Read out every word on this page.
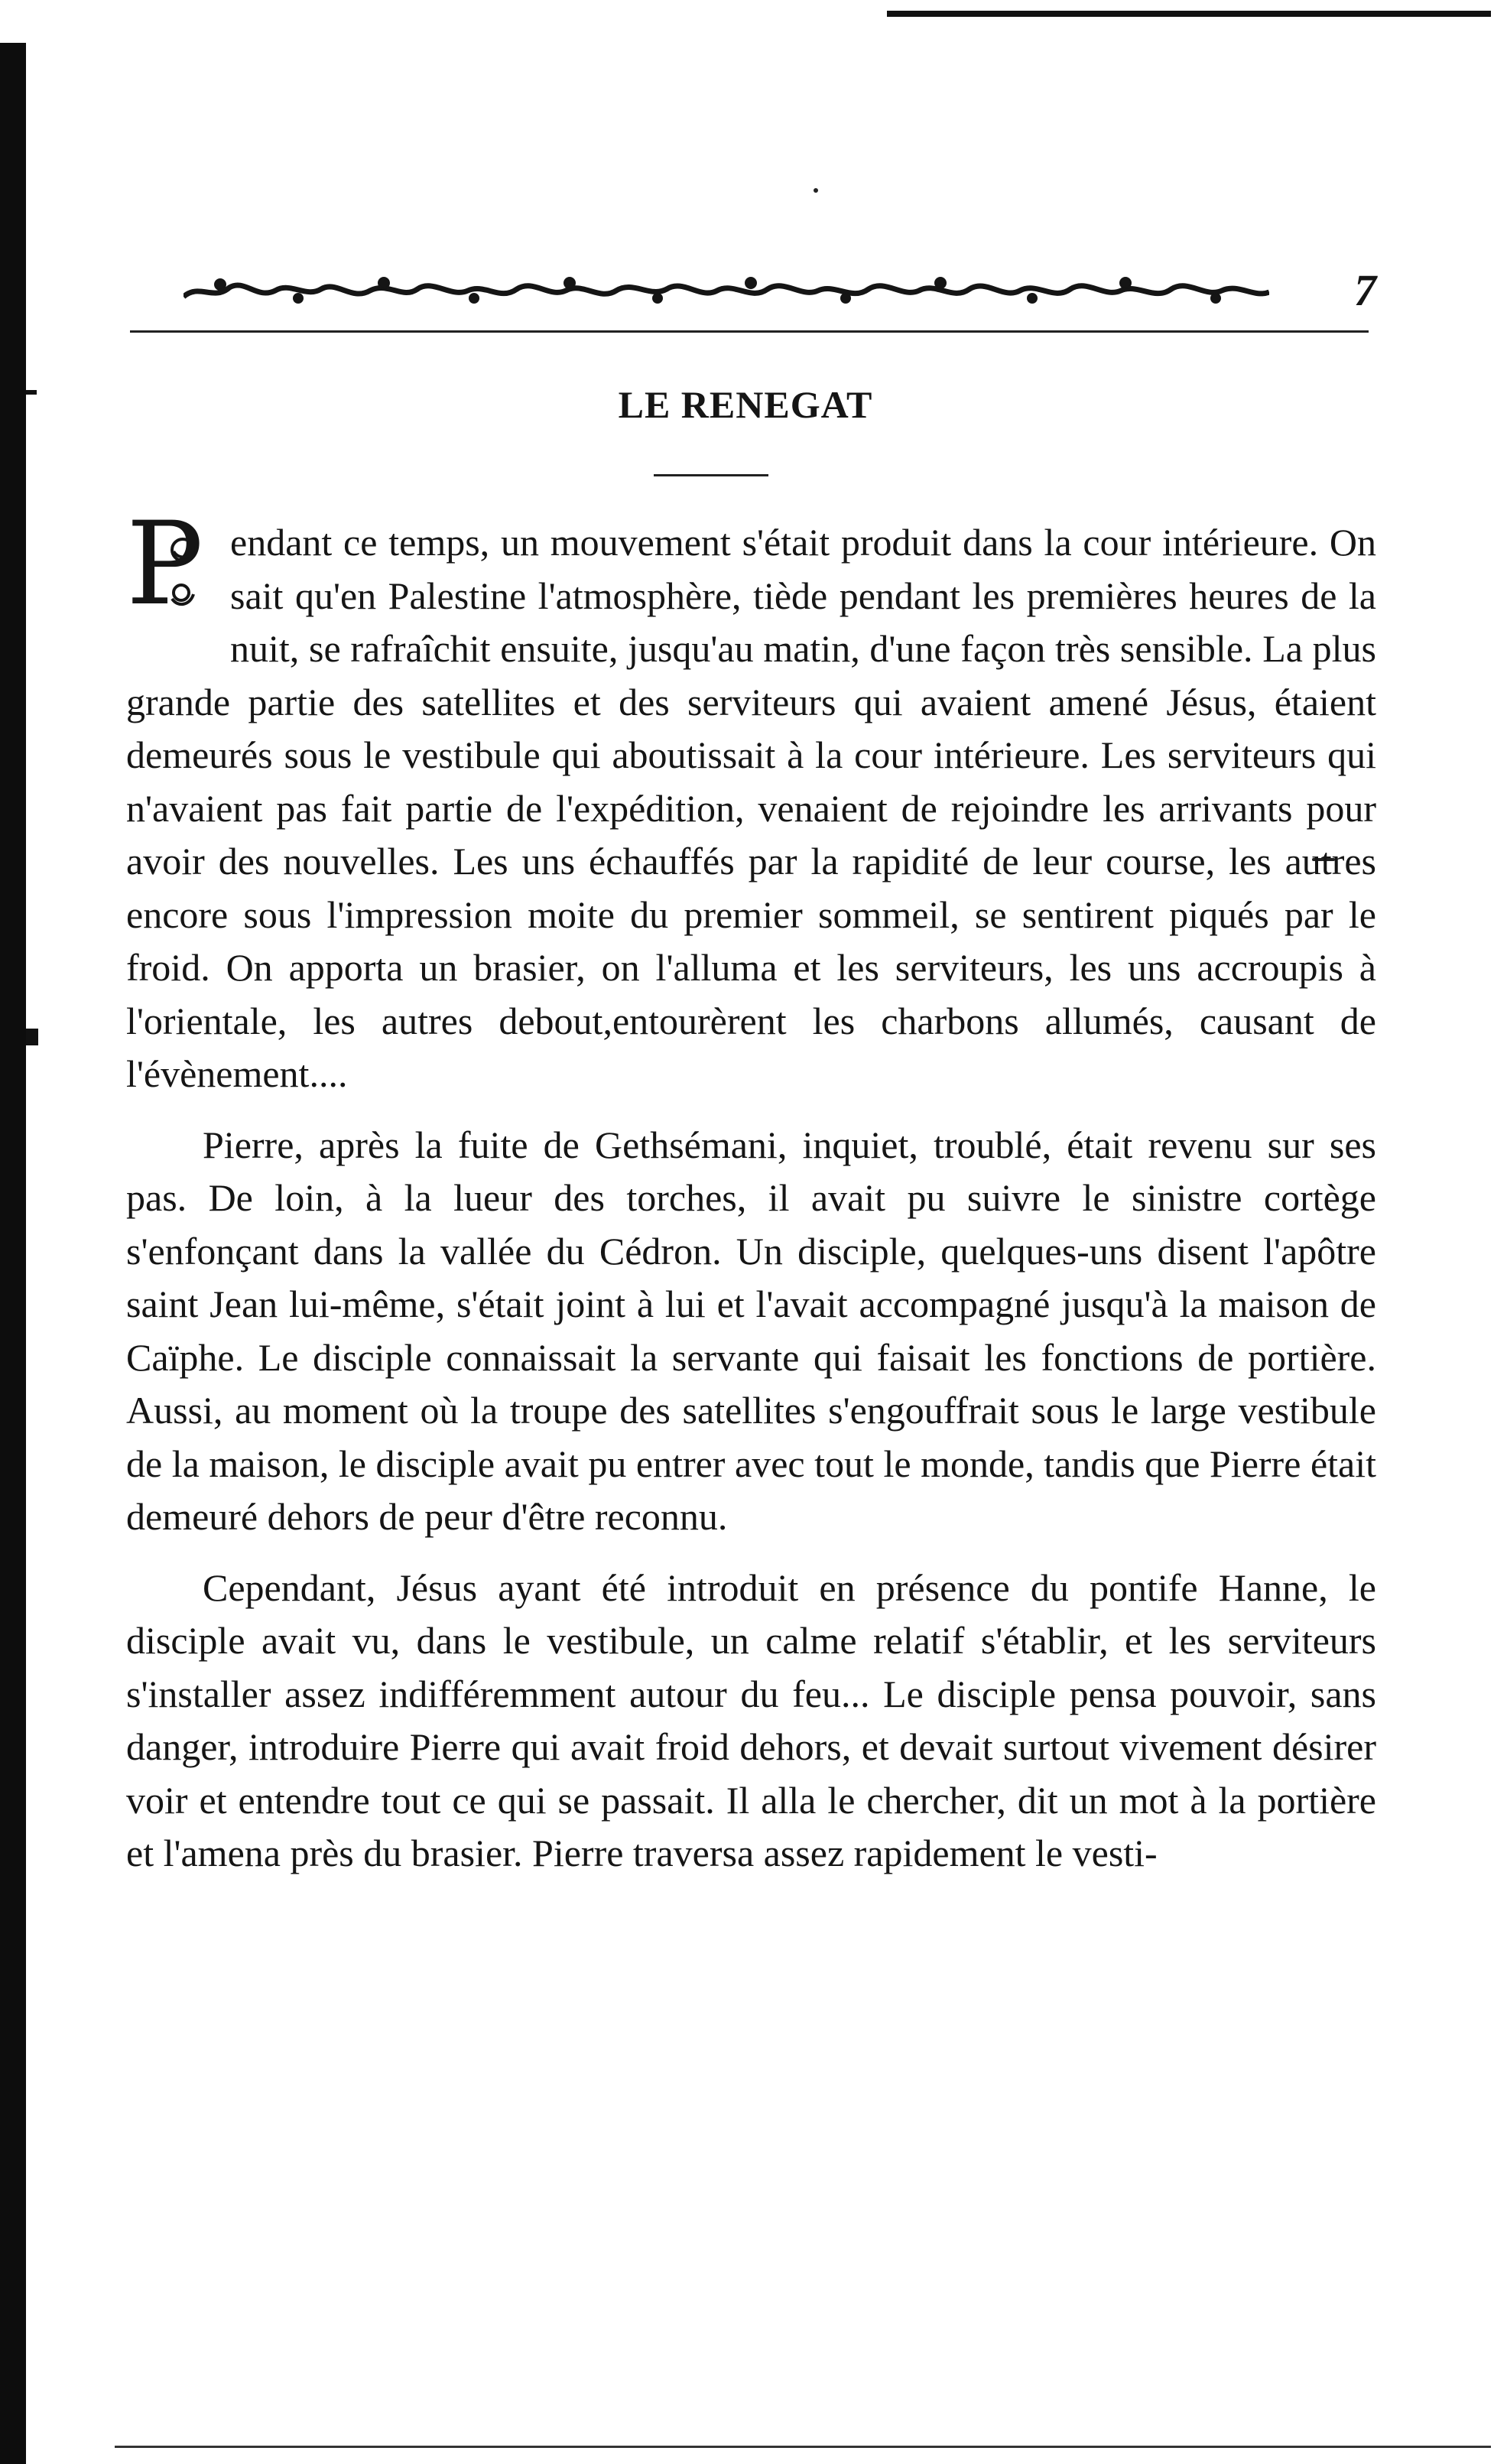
7
LE RENEGAT

P endant ce temps, un mouvement s'était produit dans la cour intérieure. On sait qu'en Palestine l'atmosphère, tiède pendant les premières heures de la nuit, se rafraîchit ensuite, jusqu'au matin, d'une façon très sensible. La plus grande partie des satellites et des serviteurs qui avaient amené Jésus, étaient demeurés sous le vestibule qui aboutissait à la cour intérieure. Les serviteurs qui n'avaient pas fait partie de l'expédition, venaient de rejoindre les arrivants pour avoir des nouvelles. Les uns échauffés par la rapidité de leur course, les autres encore sous l'impression moite du premier sommeil, se sentirent piqués par le froid. On apporta un brasier, on l'alluma et les serviteurs, les uns accroupis à l'orientale, les autres debout,entourèrent les charbons allumés, causant de l'évènement....

Pierre, après la fuite de Gethsémani, inquiet, troublé, était revenu sur ses pas. De loin, à la lueur des torches, il avait pu suivre le sinistre cortège s'enfonçant dans la vallée du Cédron. Un disciple, quelques-uns disent l'apôtre saint Jean lui-même, s'était joint à lui et l'avait accompagné jusqu'à la maison de Caïphe. Le disciple connaissait la servante qui faisait les fonctions de portière. Aussi, au moment où la troupe des satellites s'engouffrait sous le large vestibule de la maison, le disciple avait pu entrer avec tout le monde, tandis que Pierre était demeuré dehors de peur d'être reconnu.

Cependant, Jésus ayant été introduit en présence du pontife Hanne, le disciple avait vu, dans le vestibule, un calme relatif s'établir, et les serviteurs s'installer assez indifféremment autour du feu... Le disciple pensa pouvoir, sans danger, introduire Pierre qui avait froid dehors, et devait surtout vivement désirer voir et entendre tout ce qui se passait. Il alla le chercher, dit un mot à la portière et l'amena près du brasier. Pierre traversa assez rapidement le vesti-
